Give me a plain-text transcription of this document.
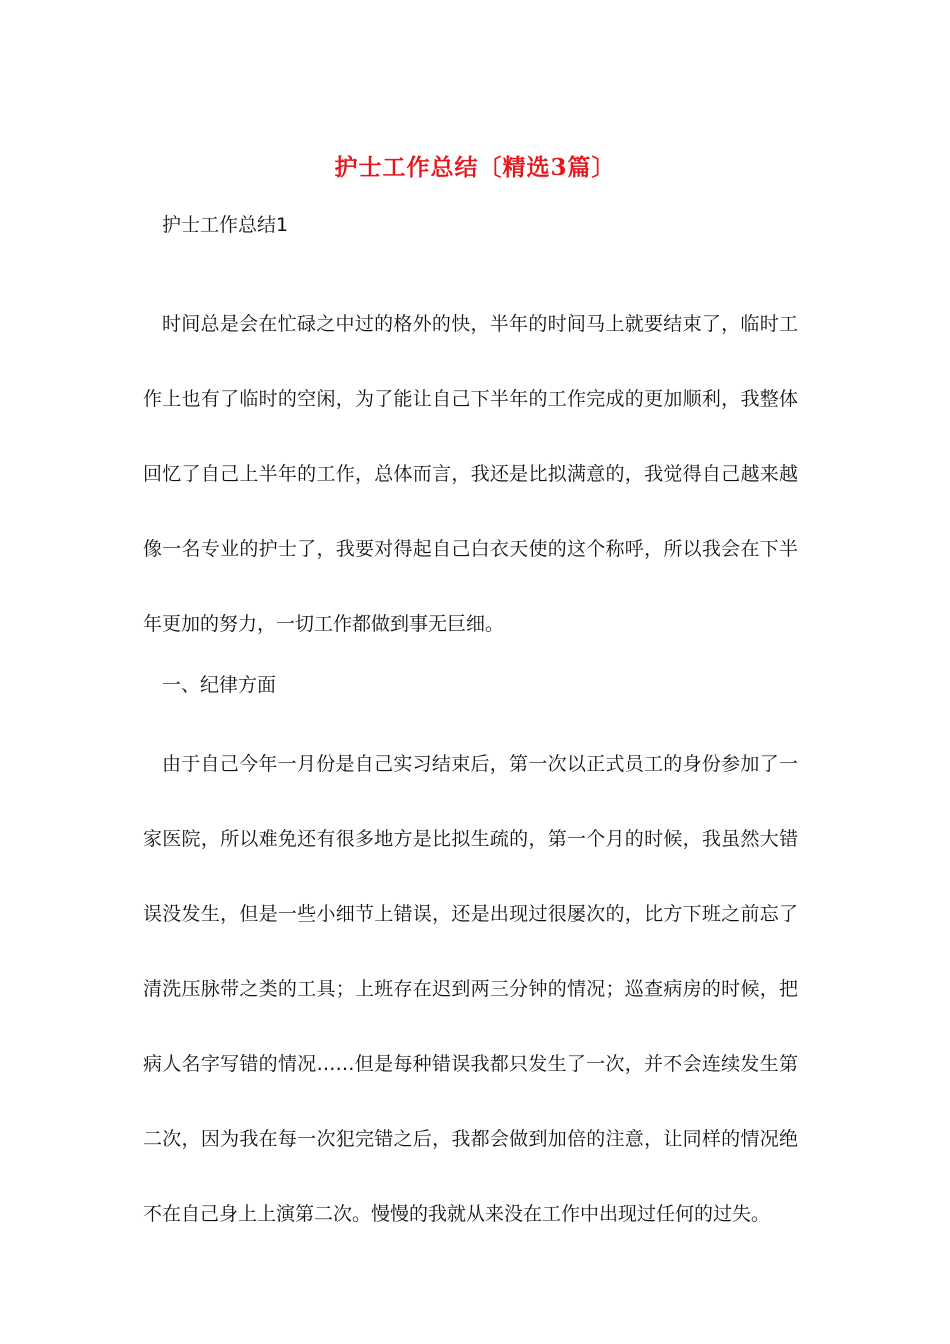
护士工作总结〔精选3篇〕

护士工作总结1

时间总是会在忙碌之中过的格外的快，半年的时间马上就要结束了，临时工作上也有了临时的空闲，为了能让自己下半年的工作完成的更加顺利，我整体回忆了自己上半年的工作，总体而言，我还是比拟满意的，我觉得自己越来越像一名专业的护士了，我要对得起自己白衣天使的这个称呼，所以我会在下半年更加的努力，一切工作都做到事无巨细。

一、纪律方面

由于自己今年一月份是自己实习结束后，第一次以正式员工的身份参加了一家医院，所以难免还有很多地方是比拟生疏的，第一个月的时候，我虽然大错误没发生，但是一些小细节上错误，还是出现过很屡次的，比方下班之前忘了清洗压脉带之类的工具；上班存在迟到两三分钟的情况；巡查病房的时候，把病人名字写错的情况……但是每种错误我都只发生了一次，并不会连续发生第二次，因为我在每一次犯完错之后，我都会做到加倍的注意，让同样的情况绝不在自己身上上演第二次。慢慢的我就从来没在工作中出现过任何的过失。
